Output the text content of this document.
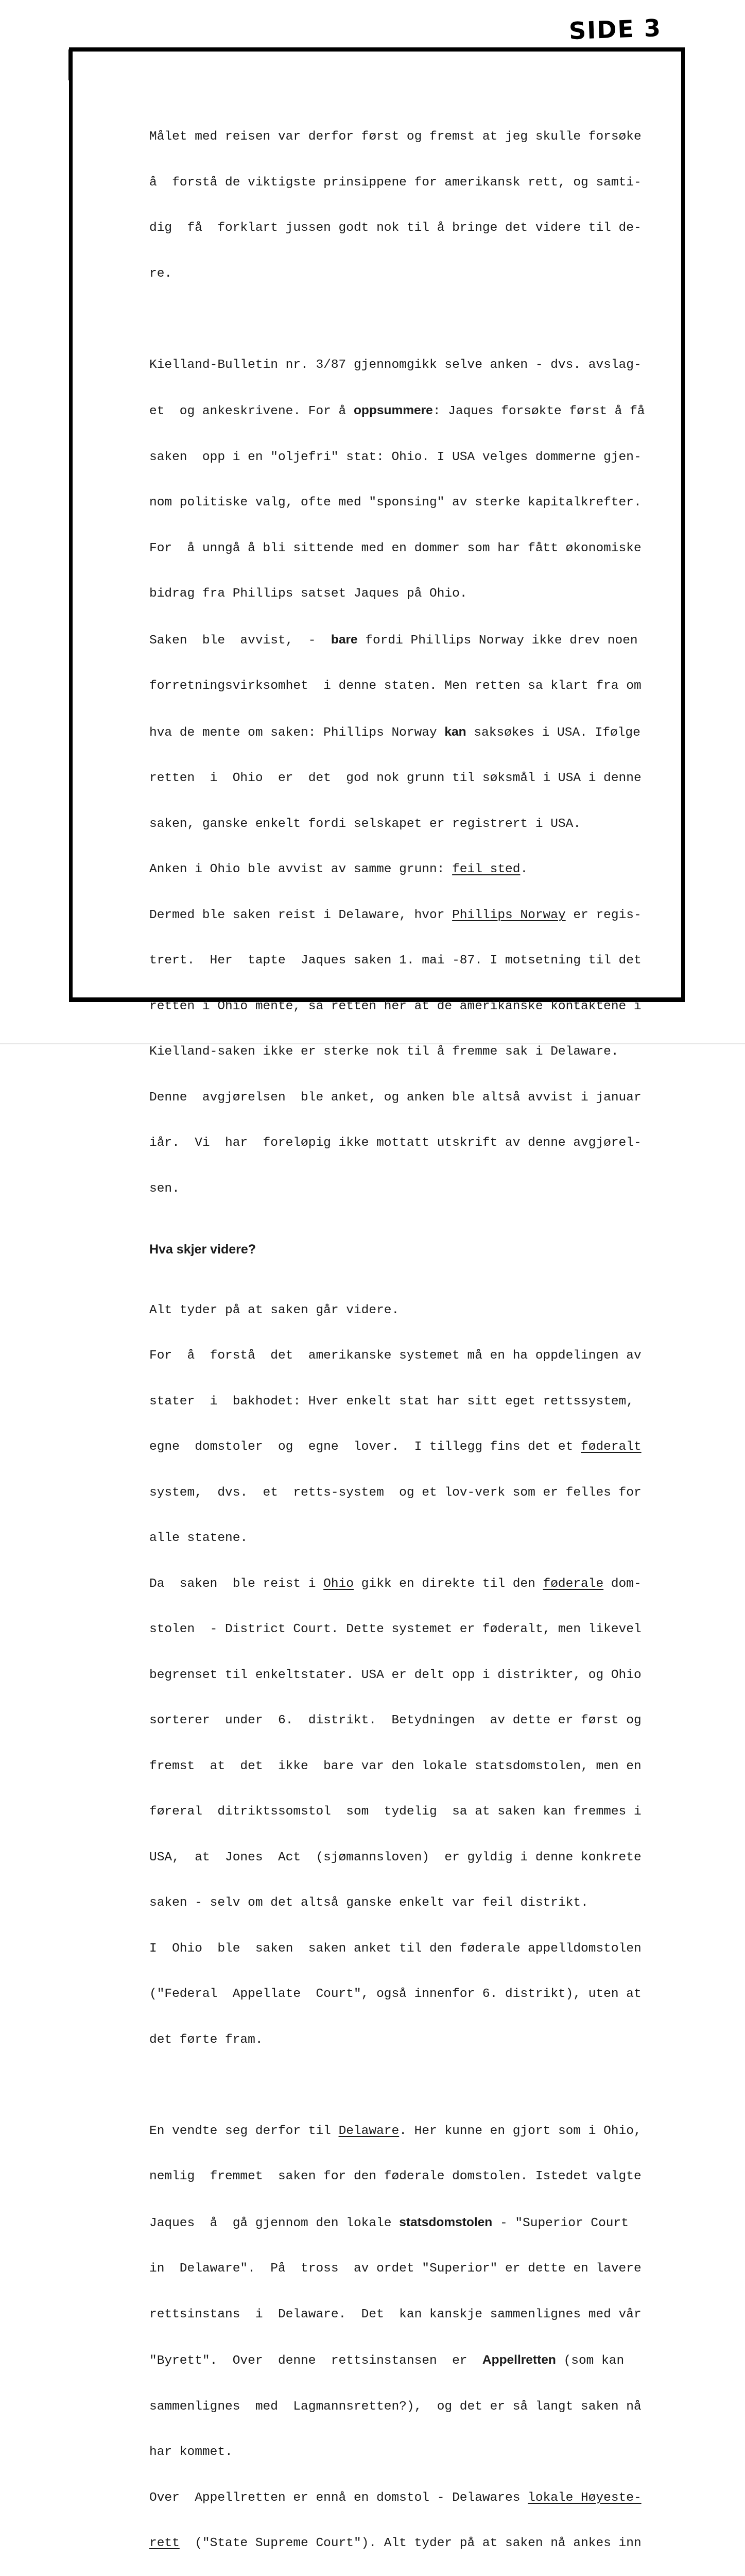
SIDE 3

Målet med reisen var derfor først og fremst at jeg skulle forsøke

å  forstå de viktigste prinsippene for amerikansk rett, og samti-

dig  få  forklart jussen godt nok til å bringe det videre til de-

re.

Kielland-Bulletin nr. 3/87 gjennomgikk selve anken - dvs. avslag-

et  og ankeskrivene. For å oppsummere: Jaques forsøkte først å få

saken  opp i en "oljefri" stat: Ohio. I USA velges dommerne gjen-

nom politiske valg, ofte med "sponsing" av sterke kapitalkrefter.

For  å unngå å bli sittende med en dommer som har fått økonomiske

bidrag fra Phillips satset Jaques på Ohio.

Saken  ble  avvist,  -  bare fordi Phillips Norway ikke drev noen

forretningsvirksomhet  i denne staten. Men retten sa klart fra om

hva de mente om saken: Phillips Norway kan saksøkes i USA. Ifølge

retten  i  Ohio  er  det  god nok grunn til søksmål i USA i denne

saken, ganske enkelt fordi selskapet er registrert i USA.

Anken i Ohio ble avvist av samme grunn: feil sted.

Dermed ble saken reist i Delaware, hvor Phillips Norway er regis-

trert.  Her  tapte  Jaques saken 1. mai -87. I motsetning til det

retten i Ohio mente, sa retten her at de amerikanske kontaktene i

Kielland-saken ikke er sterke nok til å fremme sak i Delaware.

Denne  avgjørelsen  ble anket, og anken ble altså avvist i januar

iår.  Vi  har  foreløpig ikke mottatt utskrift av denne avgjørel-

sen.

Hva skjer videre?

Alt tyder på at saken går videre.

For  å  forstå  det  amerikanske systemet må en ha oppdelingen av

stater  i  bakhodet: Hver enkelt stat har sitt eget rettssystem,

egne  domstoler  og  egne  lover.  I tillegg fins det et føderalt

system,  dvs.  et  retts-system  og et lov-verk som er felles for

alle statene.

Da  saken  ble reist i Ohio gikk en direkte til den føderale dom-

stolen  - District Court. Dette systemet er føderalt, men likevel

begrenset til enkeltstater. USA er delt opp i distrikter, og Ohio

sorterer  under  6.  distrikt.  Betydningen  av dette er først og

fremst  at  det  ikke  bare var den lokale statsdomstolen, men en

føreral  ditriktssomstol  som  tydelig  sa at saken kan fremmes i

USA,  at  Jones  Act  (sjømannsloven)  er gyldig i denne konkrete

saken - selv om det altså ganske enkelt var feil distrikt.

I  Ohio  ble  saken  saken anket til den føderale appelldomstolen

("Federal  Appellate  Court", også innenfor 6. distrikt), uten at

det førte fram.

En vendte seg derfor til Delaware. Her kunne en gjort som i Ohio,

nemlig  fremmet  saken for den føderale domstolen. Istedet valgte

Jaques  å  gå gjennom den lokale statsdomstolen - "Superior Court

in  Delaware".  På  tross  av ordet "Superior" er dette en lavere

rettsinstans  i  Delaware.  Det  kan kanskje sammenlignes med vår

"Byrett".  Over  denne  rettsinstansen  er  Appellretten (som kan

sammenlignes  med  Lagmannsretten?),  og det er så langt saken nå

har kommet.

Over  Appellretten er ennå en domstol - Delawares lokale Høyeste-

rett  ("State Supreme Court"). Alt tyder på at saken nå ankes inn
